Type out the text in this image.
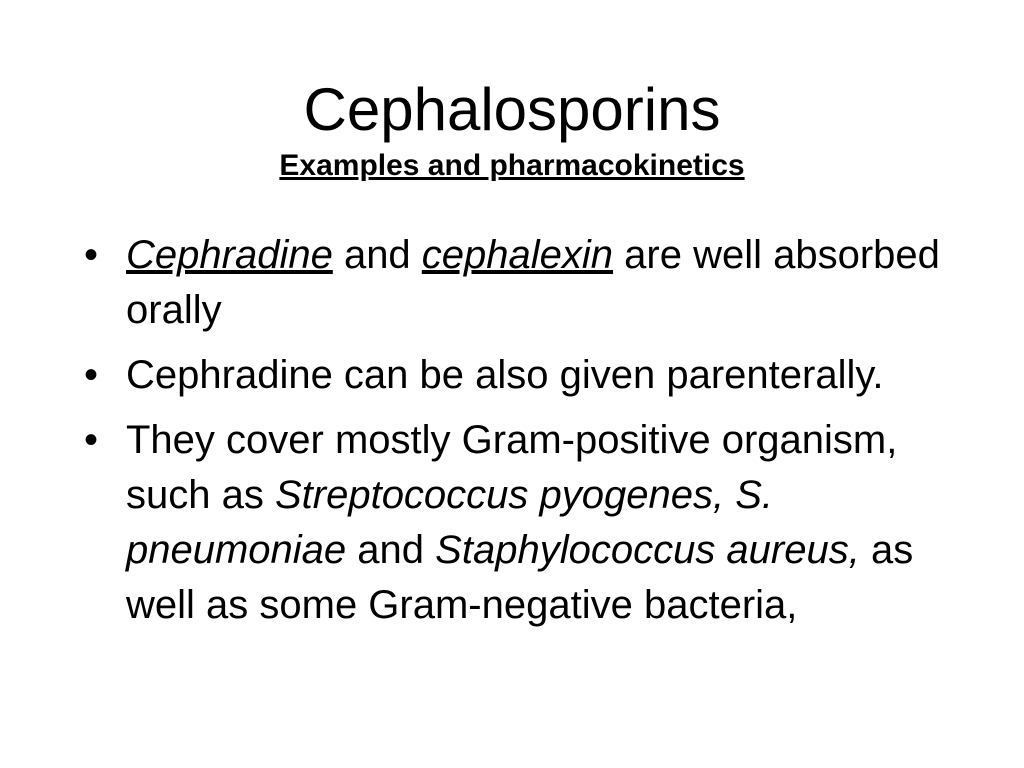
Cephalosporins
Examples and pharmacokinetics
• Cephradine and cephalexin are well absorbed orally
• Cephradine can be also given parenterally.
• They cover mostly Gram-positive organism, such as Streptococcus pyogenes, S. pneumoniae and Staphylococcus aureus, as well as some Gram-negative bacteria,
